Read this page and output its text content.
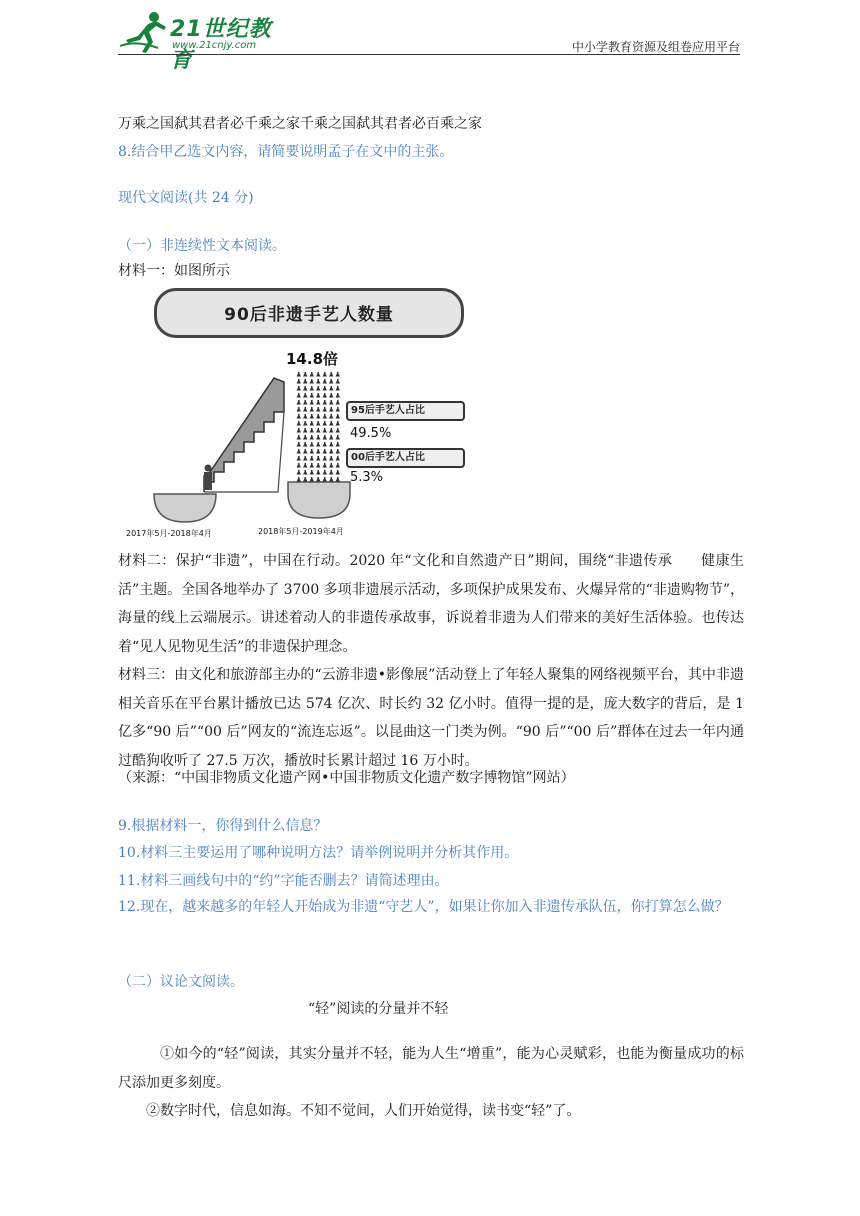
21世纪教育
www.21cnjy.com	中小学教育资源及组卷应用平台
万乘之国弑其君者必千乘之家千乘之国弑其君者必百乘之家
8.结合甲乙选文内容，请简要说明孟子在文中的主张。
现代文阅读(共 24 分)
（一）非连续性文本阅读。
材料一：如图所示
90后非遗手艺人数量
14.8倍
95后手艺人占比
49.5%
00后手艺人占比
5.3%
2017年5月-2018年4月	2018年5月-2019年4月
材料二：保护“非遗”，中国在行动。2020 年“文化和自然遗产日”期间，围绕“非遗传承　　健康生活”主题。全国各地举办了 3700 多项非遗展示活动，多项保护成果发布、火爆异常的“非遗购物节”，海量的线上云端展示。讲述着动人的非遗传承故事，诉说着非遗为人们带来的美好生活体验。也传达着“见人见物见生活”的非遗保护理念。
材料三：由文化和旅游部主办的“云游非遗•影像展”活动登上了年轻人聚集的网络视频平台，其中非遗相关音乐在平台累计播放已达 574 亿次、时长约 32 亿小时。值得一提的是，庞大数字的背后，是 1 亿多“90 后”“00 后”网友的“流连忘返”。以昆曲这一门类为例。“90 后”“00 后”群体在过去一年内通过酷狗收听了 27.5 万次，播放时长累计超过 16 万小时。
（来源：“中国非物质文化遗产网•中国非物质文化遗产数字博物馆”网站）
9.根据材料一，你得到什么信息？
10.材料三主要运用了哪种说明方法？请举例说明并分析其作用。
11.材料三画线句中的“约”字能否删去？请简述理由。
12.现在，越来越多的年轻人开始成为非遗“守艺人”，如果让你加入非遗传承队伍，你打算怎么做？
（二）议论文阅读。
“轻”阅读的分量并不轻
①如今的“轻”阅读，其实分量并不轻，能为人生“增重”，能为心灵赋彩，也能为衡量成功的标尺添加更多刻度。
②数字时代，信息如海。不知不觉间，人们开始觉得，读书变“轻”了。
